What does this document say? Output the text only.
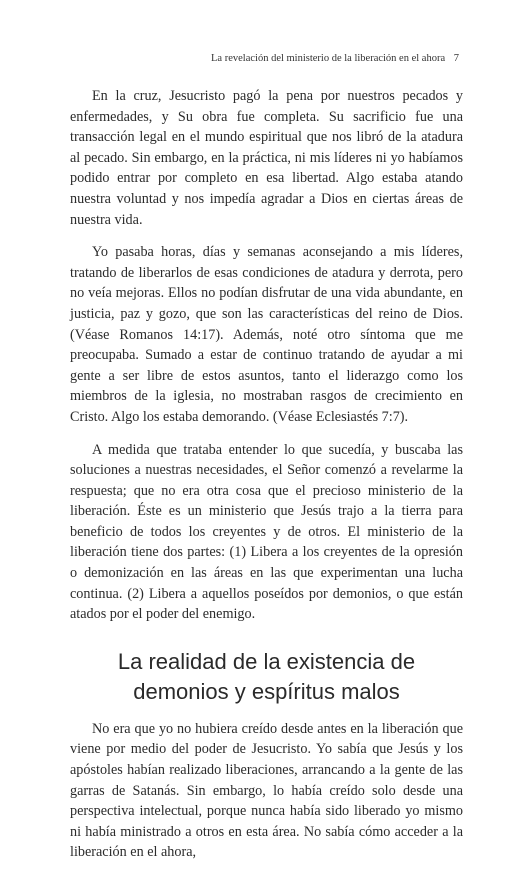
La revelación del ministerio de la liberación en el ahora 7

En la cruz, Jesucristo pagó la pena por nuestros pecados y enfermedades, y Su obra fue completa. Su sacrificio fue una transacción legal en el mundo espiritual que nos libró de la atadura al pecado. Sin embargo, en la práctica, ni mis líderes ni yo habíamos podido entrar por completo en esa libertad. Algo estaba atando nuestra voluntad y nos impedía agradar a Dios en ciertas áreas de nuestra vida.

Yo pasaba horas, días y semanas aconsejando a mis líderes, tratando de liberarlos de esas condiciones de atadura y derrota, pero no veía mejoras. Ellos no podían disfrutar de una vida abundante, en justicia, paz y gozo, que son las características del reino de Dios. (Véase Romanos 14:17). Además, noté otro síntoma que me preocupaba. Sumado a estar de continuo tratando de ayudar a mi gente a ser libre de estos asuntos, tanto el liderazgo como los miembros de la iglesia, no mostraban rasgos de crecimiento en Cristo. Algo los estaba demorando. (Véase Eclesiastés 7:7).

A medida que trataba entender lo que sucedía, y buscaba las soluciones a nuestras necesidades, el Señor comenzó a revelarme la respuesta; que no era otra cosa que el precioso ministerio de la liberación. Éste es un ministerio que Jesús trajo a la tierra para beneficio de todos los creyentes y de otros. El ministerio de la liberación tiene dos partes: (1) Libera a los creyentes de la opresión o demonización en las áreas en las que experimentan una lucha continua. (2) Libera a aquellos poseídos por demonios, o que están atados por el poder del enemigo.

La realidad de la existencia de demonios y espíritus malos

No era que yo no hubiera creído desde antes en la liberación que viene por medio del poder de Jesucristo. Yo sabía que Jesús y los apóstoles habían realizado liberaciones, arrancando a la gente de las garras de Satanás. Sin embargo, lo había creído solo desde una perspectiva intelectual, porque nunca había sido liberado yo mismo ni había ministrado a otros en esta área. No sabía cómo acceder a la liberación en el ahora,
